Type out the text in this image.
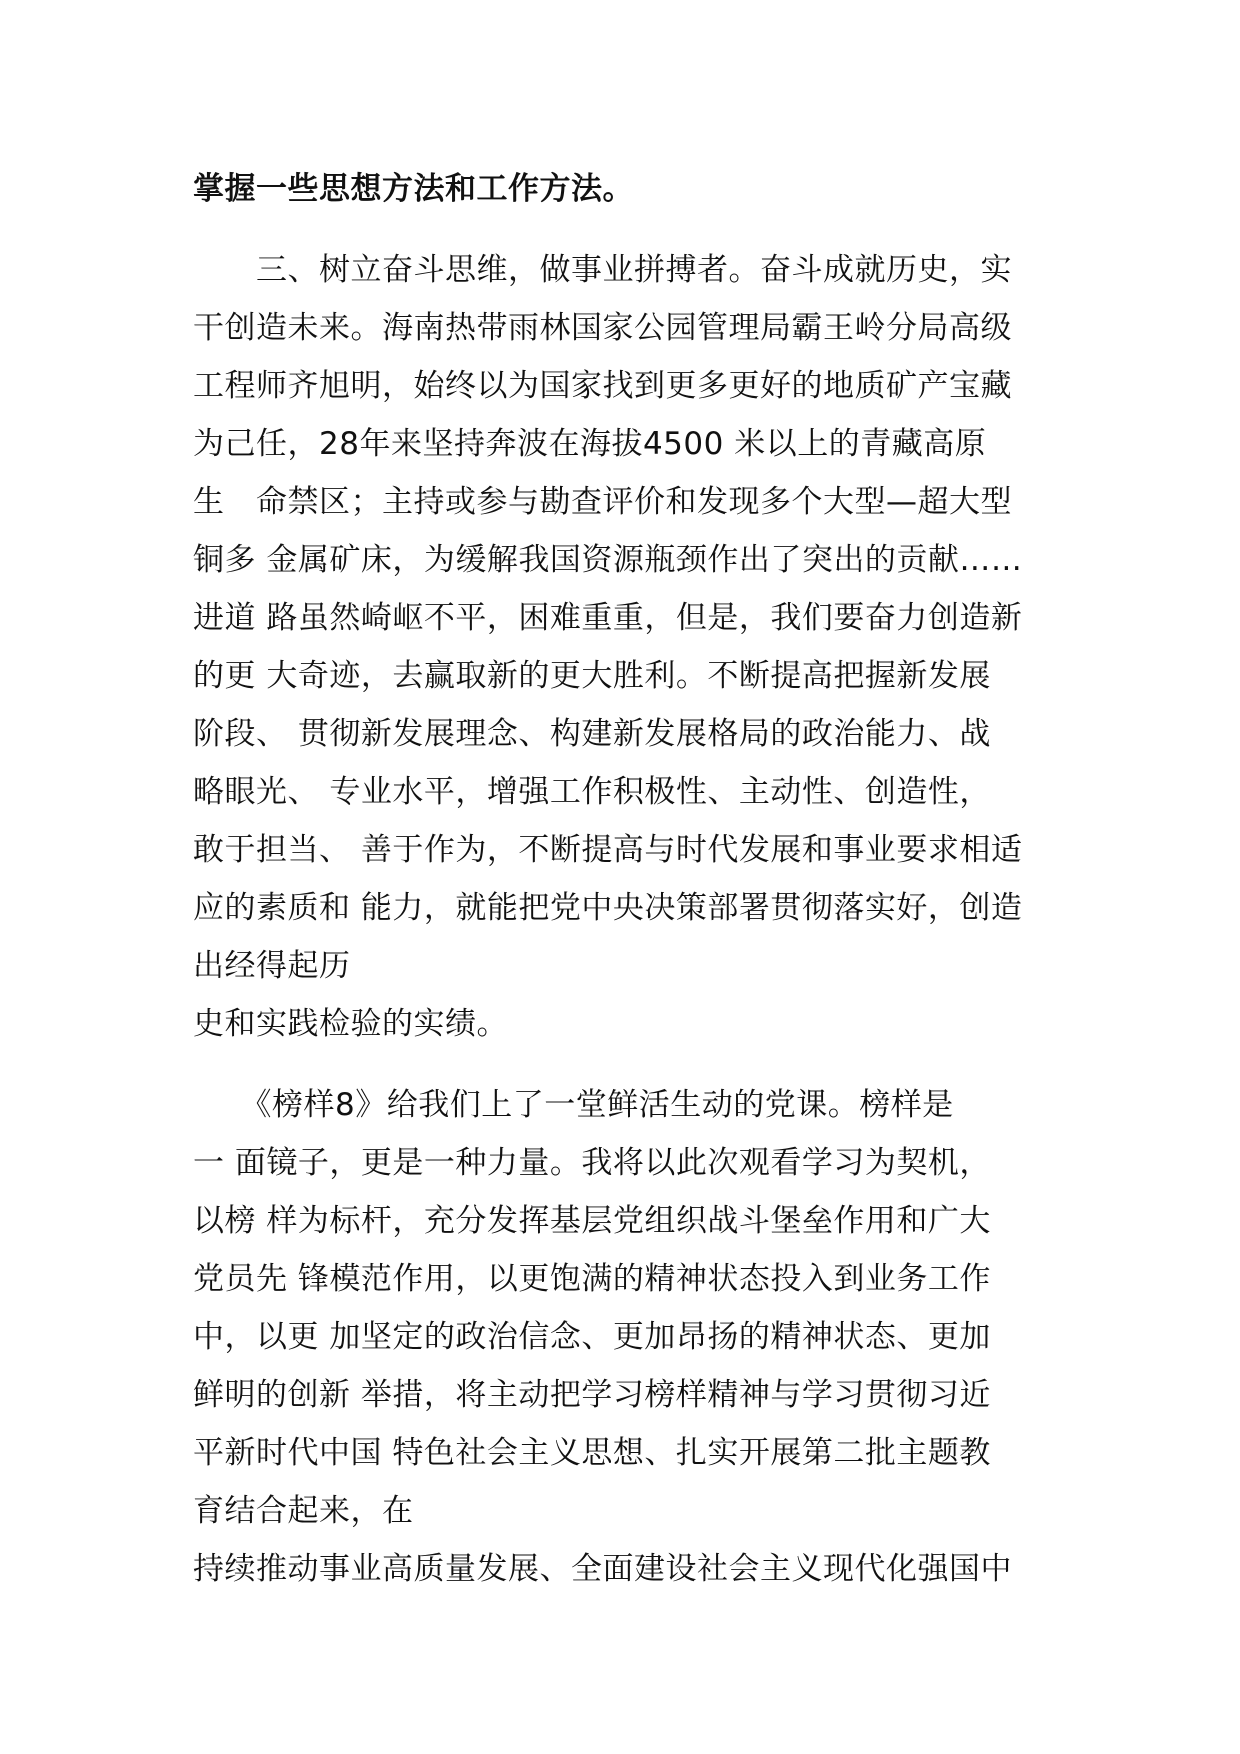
掌握一些思想方法和工作方法。
　　三、树立奋斗思维，做事业拼搏者。奋斗成就历史，实
干创造未来。海南热带雨林国家公园管理局霸王岭分局高级
工程师齐旭明，始终以为国家找到更多更好的地质矿产宝藏
为己任，28年来坚持奔波在海拔4500 米以上的青藏高原
生　命禁区；主持或参与勘查评价和发现多个大型—超大型
铜多 金属矿床，为缓解我国资源瓶颈作出了突出的贡献……
进道 路虽然崎岖不平，困难重重，但是，我们要奋力创造新
的更 大奇迹，去赢取新的更大胜利。不断提高把握新发展
阶段、 贯彻新发展理念、构建新发展格局的政治能力、战
略眼光、 专业水平，增强工作积极性、主动性、创造性，
敢于担当、 善于作为，不断提高与时代发展和事业要求相适
应的素质和 能力，就能把党中央决策部署贯彻落实好，创造
出经得起历
史和实践检验的实绩。
　　《榜样8》给我们上了一堂鲜活生动的党课。榜样是
一 面镜子，更是一种力量。我将以此次观看学习为契机，
以榜 样为标杆，充分发挥基层党组织战斗堡垒作用和广大
党员先 锋模范作用，以更饱满的精神状态投入到业务工作
中，以更 加坚定的政治信念、更加昂扬的精神状态、更加
鲜明的创新 举措，将主动把学习榜样精神与学习贯彻习近
平新时代中国 特色社会主义思想、扎实开展第二批主题教
育结合起来，在
持续推动事业高质量发展、全面建设社会主义现代化强国中
